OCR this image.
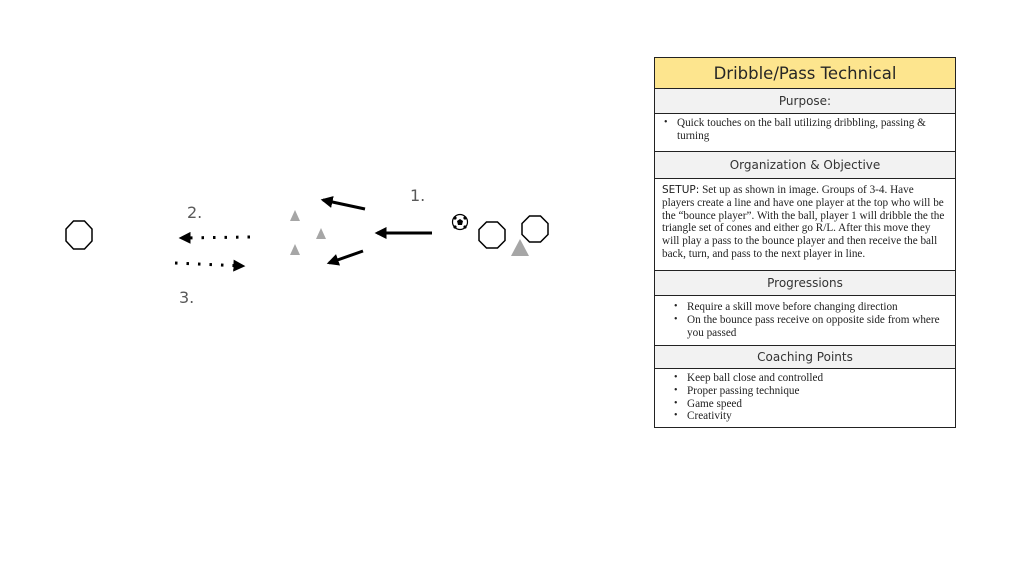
1.
2.
3.
Dribble/Pass Technical
Purpose:

• Quick touches on the ball utilizing dribbling, passing & turning

Organization & Objective
SETUP: Set up as shown in image. Groups of 3-4. Have players create a line and have one player at the top who will be the “bounce player”. With the ball, player 1 will dribble the the triangle set of cones and either go R/L. After this move they will play a pass to the bounce player and then receive the ball back, turn, and pass to the next player in line.
Progressions

• Require a skill move before changing direction
• On the bounce pass receive on opposite side from where you passed

Coaching Points

• Keep ball close and controlled
• Proper passing technique
• Game speed
• Creativity
